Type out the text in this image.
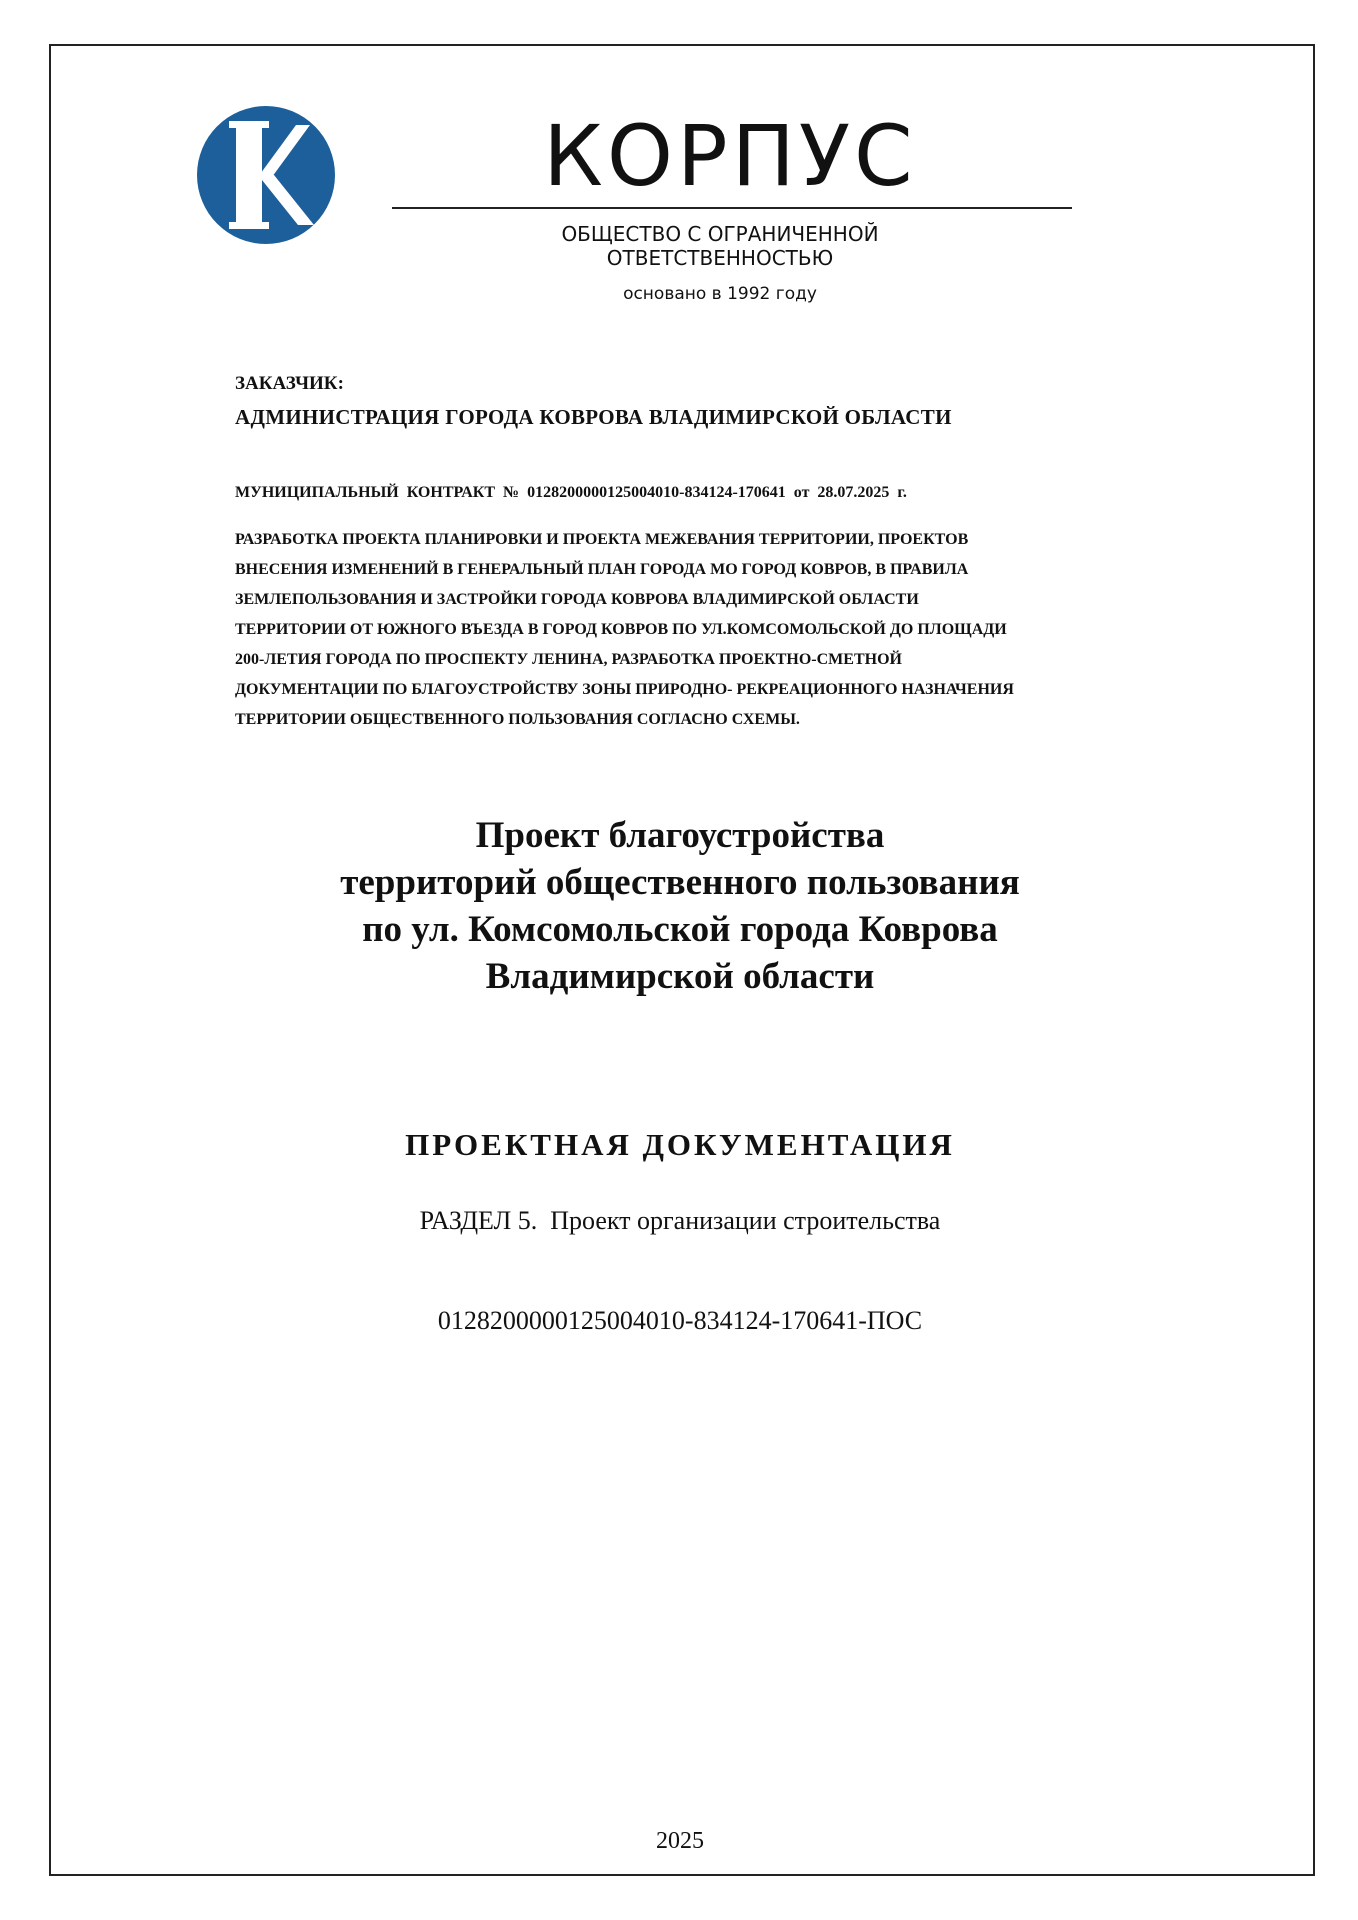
КОРПУС
ОБЩЕСТВО С ОГРАНИЧЕННОЙ
ОТВЕТСТВЕННОСТЬЮ
основано в 1992 году
ЗАКАЗЧИК:
АДМИНИСТРАЦИЯ ГОРОДА КОВРОВА ВЛАДИМИРСКОЙ ОБЛАСТИ
МУНИЦИПАЛЬНЫЙ  КОНТРАКТ  №  0128200000125004010-834124-170641  от  28.07.2025  г.
РАЗРАБОТКА ПРОЕКТА ПЛАНИРОВКИ И ПРОЕКТА МЕЖЕВАНИЯ ТЕРРИТОРИИ, ПРОЕКТОВ
ВНЕСЕНИЯ ИЗМЕНЕНИЙ В ГЕНЕРАЛЬНЫЙ ПЛАН ГОРОДА МО ГОРОД КОВРОВ, В ПРАВИЛА
ЗЕМЛЕПОЛЬЗОВАНИЯ И ЗАСТРОЙКИ ГОРОДА КОВРОВА ВЛАДИМИРСКОЙ ОБЛАСТИ
ТЕРРИТОРИИ ОТ ЮЖНОГО ВЪЕЗДА В ГОРОД КОВРОВ ПО УЛ.КОМСОМОЛЬСКОЙ ДО ПЛОЩАДИ
200-ЛЕТИЯ ГОРОДА ПО ПРОСПЕКТУ ЛЕНИНА, РАЗРАБОТКА ПРОЕКТНО-СМЕТНОЙ
ДОКУМЕНТАЦИИ ПО БЛАГОУСТРОЙСТВУ ЗОНЫ ПРИРОДНО- РЕКРЕАЦИОННОГО НАЗНАЧЕНИЯ
ТЕРРИТОРИИ ОБЩЕСТВЕННОГО ПОЛЬЗОВАНИЯ СОГЛАСНО СХЕМЫ.
Проект благоустройства
территорий общественного пользования
по ул. Комсомольской города Коврова
Владимирской области
ПРОЕКТНАЯ ДОКУМЕНТАЦИЯ
РАЗДЕЛ 5.  Проект организации строительства
0128200000125004010-834124-170641-ПОС
2025
